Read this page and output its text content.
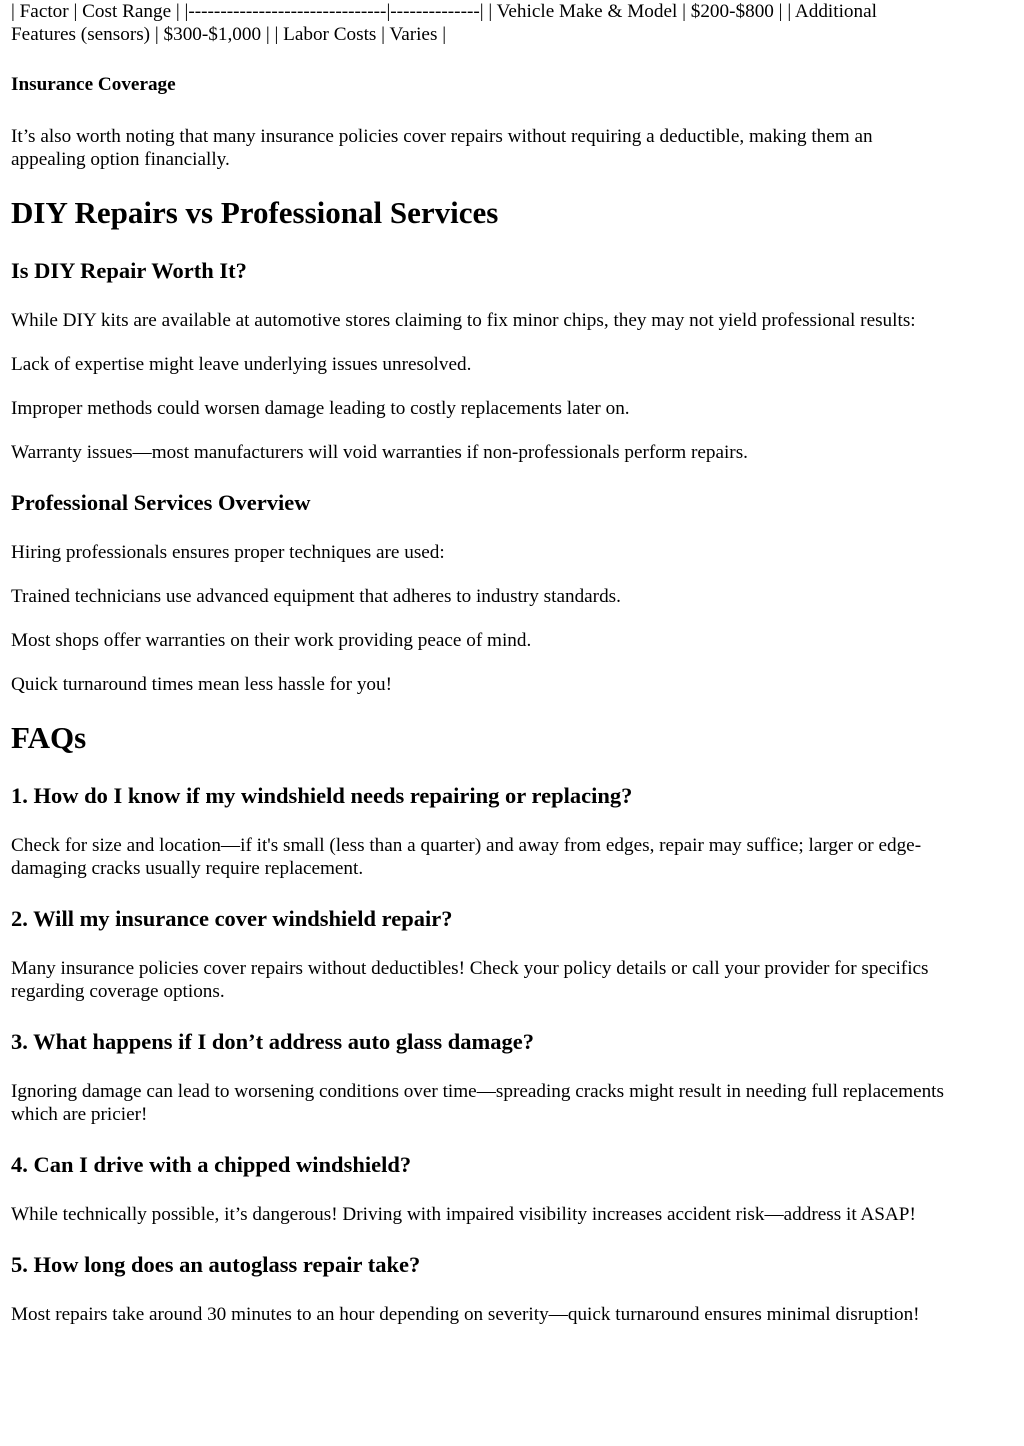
| Factor | Cost Range | |-------------------------------|--------------| | Vehicle Make & Model | $200-$800 | | Additional

Features (sensors) | $300-$1,000 | | Labor Costs | Varies |

Insurance Coverage

It’s also worth noting that many insurance policies cover repairs without requiring a deductible, making them an

appealing option financially.

DIY Repairs vs Professional Services
Is DIY Repair Worth It?

While DIY kits are available at automotive stores claiming to fix minor chips, they may not yield professional results:

Lack of expertise might leave underlying issues unresolved.

Improper methods could worsen damage leading to costly replacements later on.

Warranty issues—most manufacturers will void warranties if non-professionals perform repairs.

Professional Services Overview

Hiring professionals ensures proper techniques are used:

Trained technicians use advanced equipment that adheres to industry standards.

Most shops offer warranties on their work providing peace of mind.

Quick turnaround times mean less hassle for you!

FAQs
1. How do I know if my windshield needs repairing or replacing?

Check for size and location—if it's small (less than a quarter) and away from edges, repair may suffice; larger or edge-

damaging cracks usually require replacement.

2. Will my insurance cover windshield repair?

Many insurance policies cover repairs without deductibles! Check your policy details or call your provider for specifics

regarding coverage options.

3. What happens if I don’t address auto glass damage?

Ignoring damage can lead to worsening conditions over time—spreading cracks might result in needing full replacements

which are pricier!

4. Can I drive with a chipped windshield?

While technically possible, it’s dangerous! Driving with impaired visibility increases accident risk—address it ASAP!

5. How long does an autoglass repair take?

Most repairs take around 30 minutes to an hour depending on severity—quick turnaround ensures minimal disruption!
